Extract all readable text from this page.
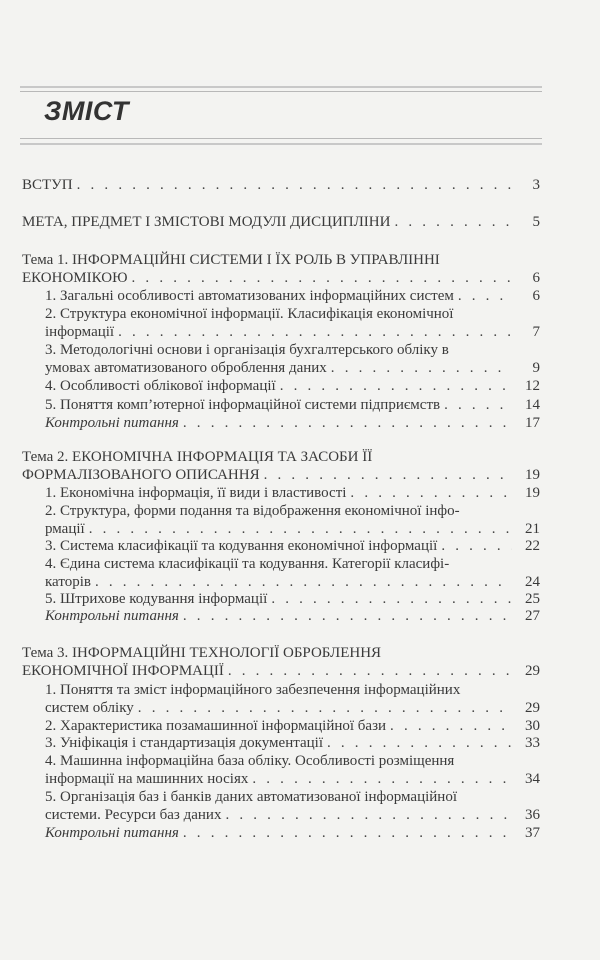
ЗМІСТ
ВСТУП . . .	3
МЕТА, ПРЕДМЕТ І ЗМІСТОВІ МОДУЛІ ДИСЦИПЛІНИ . . .	5
Тема 1. ІНФОРМАЦІЙНІ СИСТЕМИ І ЇХ РОЛЬ В УПРАВЛІННІ
ЕКОНОМІКОЮ . . .	6
1. Загальні особливості автоматизованих інформаційних систем . . .	6
2. Структура економічної інформації. Класифікація економічної
інформації . . .	7
3. Методологічні основи і організація бухгалтерського обліку в
умовах автоматизованого оброблення даних . . .	9
4. Особливості облікової інформації . . .	12
5. Поняття комп’ютерної інформаційної системи підприємств . . .	14
Контрольні питання . . .	17
Тема 2. ЕКОНОМІЧНА ІНФОРМАЦІЯ ТА ЗАСОБИ ЇЇ
ФОРМАЛІЗОВАНОГО ОПИСАННЯ . . .	19
1. Економічна інформація, її види і властивості . . .	19
2. Структура, форми подання та відображення економічної інфо-
рмації . . .	21
3. Система класифікації та кодування економічної інформації . . .	22
4. Єдина система класифікації та кодування. Категорії класифі-
каторів . . .	24
5. Штрихове кодування інформації . . .	25
Контрольні питання . . .	27
Тема 3. ІНФОРМАЦІЙНІ ТЕХНОЛОГІЇ ОБРОБЛЕННЯ
ЕКОНОМІЧНОЇ ІНФОРМАЦІЇ . . .	29
1. Поняття та зміст інформаційного забезпечення інформаційних
систем обліку . . .	29
2. Характеристика позамашинної інформаційної бази . . .	30
3. Уніфікація і стандартизація документації . . .	33
4. Машинна інформаційна база обліку. Особливості розміщення
інформації на машинних носіях . . .	34
5. Організація баз і банків даних автоматизованої інформаційної
системи. Ресурси баз даних . . .	36
Контрольні питання . . .	37
